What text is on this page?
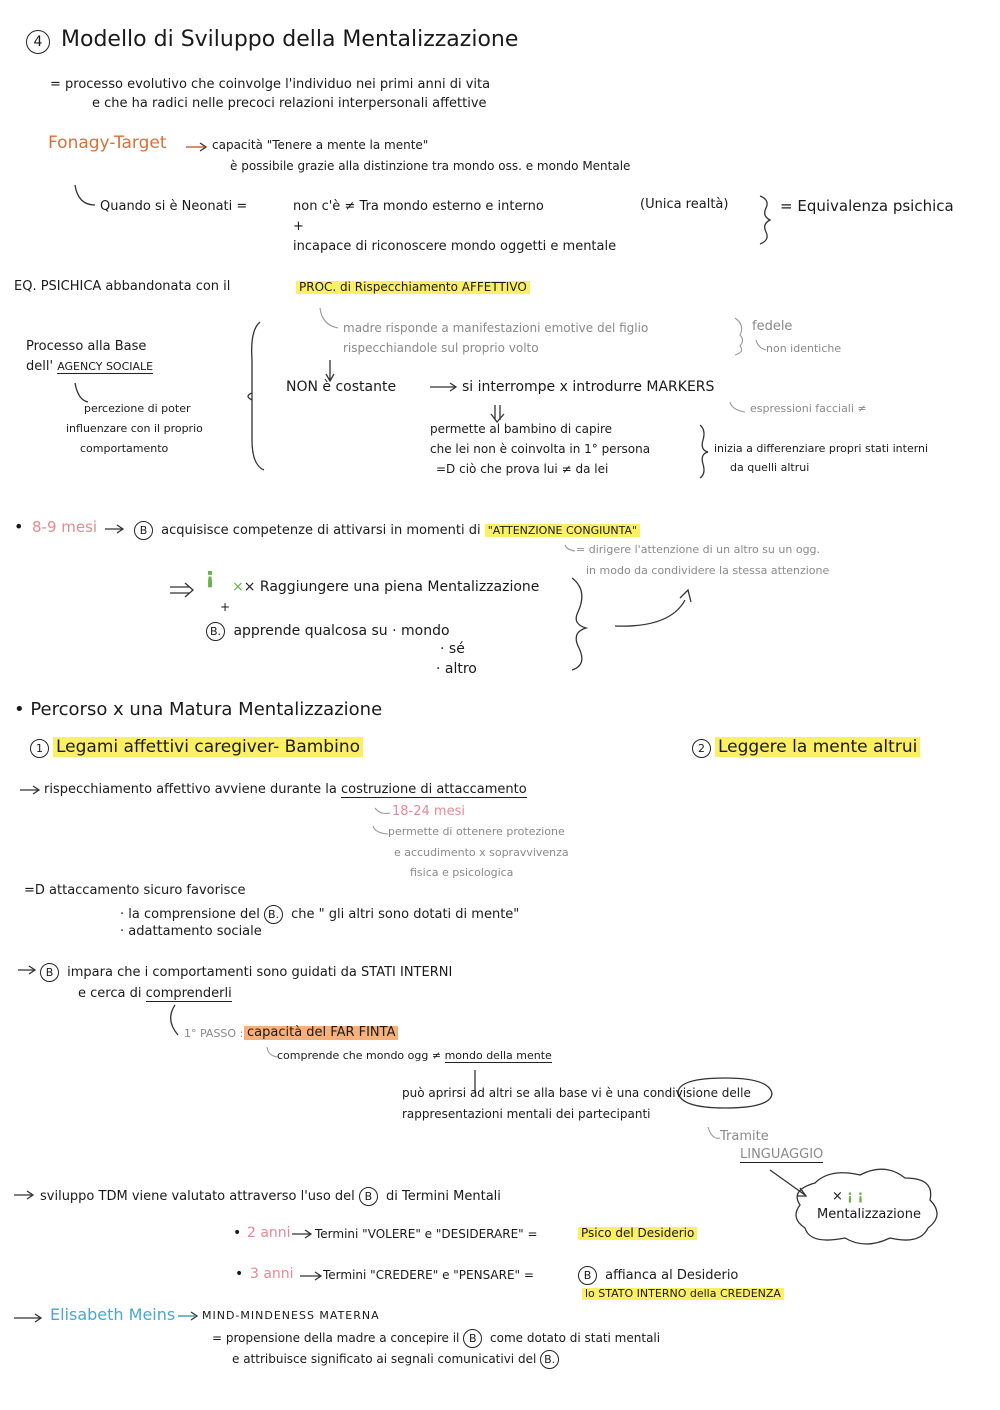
4 Modello di Sviluppo della Mentalizzazione
= processo evolutivo che coinvolge l'individuo nei primi anni di vita
e che ha radici nelle precoci relazioni interpersonali affettive
Fonagy-Target	capacità "Tenere a mente la mente"
è possibile grazie alla distinzione tra mondo oss. e mondo Mentale
Quando si è Neonati =	non c'è ≠ Tra mondo esterno e interno	(Unica realtà)	= Equivalenza psichica
+
incapace di riconoscere mondo oggetti e mentale
EQ. PSICHICA abbandonata con il	PROC. di Rispecchiamento AFFETTIVO
Processo alla Base
dell' AGENCY SOCIALE
percezione di poter
influenzare con il proprio
comportamento
madre risponde a manifestazioni emotive del figlio
rispecchiandole sul proprio volto
fedele
non identiche
NON è costante	si interrompe x introdurre MARKERS
espressioni facciali ≠
permette al bambino di capire
che lei non è coinvolta in 1° persona
=D ciò che prova lui ≠ da lei
inizia a differenziare propri stati interni
da quelli altrui
• 8-9 mesi	B acquisisce competenze di attivarsi in momenti di "ATTENZIONE CONGIUNTA"
= dirigere l'attenzione di un altro su un ogg.
in modo da condividere la stessa attenzione
¡ ×× Raggiungere una piena Mentalizzazione
+
B. apprende qualcosa su · mondo
· sé
· altro
• Percorso x una Matura Mentalizzazione
1 Legami affettivi caregiver- Bambino	2 Leggere la mente altrui
rispecchiamento affettivo avviene durante la costruzione di attaccamento
18-24 mesi
permette di ottenere protezione
e accudimento x sopravvivenza
fisica e psicologica
=D attaccamento sicuro favorisce
· la comprensione del B. che " gli altri sono dotati di mente"
· adattamento sociale
B impara che i comportamenti sono guidati da STATI INTERNI
e cerca di comprenderli
1° PASSO : capacità del FAR FINTA
comprende che mondo ogg ≠ mondo della mente
può aprirsi ad altri se alla base vi è una condivisione delle
rappresentazioni mentali dei partecipanti
Tramite
LINGUAGGIO
× ¡ ¡
Mentalizzazione
sviluppo TDM viene valutato attraverso l'uso del B di Termini Mentali
• 2 anni Termini "VOLERE" e "DESIDERARE" =	Psico del Desiderio
• 3 anni Termini "CREDERE" e "PENSARE" =	B affianca al Desiderio
lo STATO INTERNO della CREDENZA
Elisabeth Meins MIND-MINDENESS MATERNA
= propensione della madre a concepire il B come dotato di stati mentali
e attribuisce significato ai segnali comunicativi del B.
